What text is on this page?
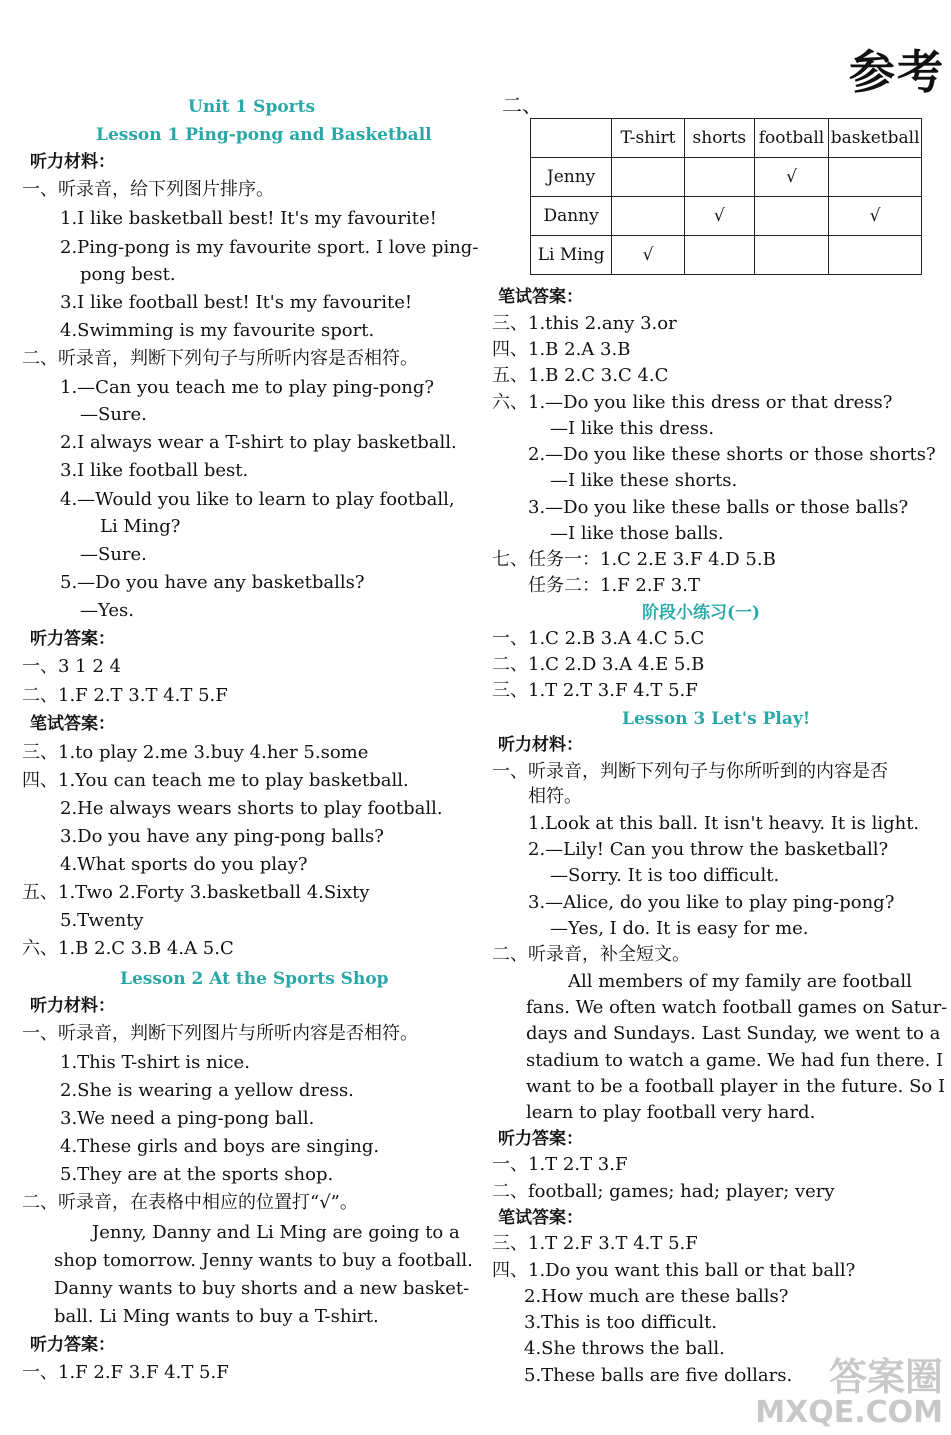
参考
Unit 1 Sports
Lesson 1 Ping-pong and Basketball
听力材料：
一、听录音，给下列图片排序。
1.I like basketball best! It's my favourite!
2.Ping-pong is my favourite sport. I love ping-
pong best.
3.I like football best! It's my favourite!
4.Swimming is my favourite sport.
二、听录音，判断下列句子与所听内容是否相符。
1.—Can you teach me to play ping-pong?
—Sure.
2.I always wear a T-shirt to play basketball.
3.I like football best.
4.—Would you like to learn to play football,
Li Ming?
—Sure.
5.—Do you have any basketballs?
—Yes.
听力答案：
一、3 1 2 4
二、1.F 2.T 3.T 4.T 5.F
笔试答案：
三、1.to play 2.me 3.buy 4.her 5.some
四、1.You can teach me to play basketball.
2.He always wears shorts to play football.
3.Do you have any ping-pong balls?
4.What sports do you play?
五、1.Two 2.Forty 3.basketball 4.Sixty
5.Twenty
六、1.B 2.C 3.B 4.A 5.C
Lesson 2 At the Sports Shop
听力材料：
一、听录音，判断下列图片与所听内容是否相符。
1.This T-shirt is nice.
2.She is wearing a yellow dress.
3.We need a ping-pong ball.
4.These girls and boys are singing.
5.They are at the sports shop.
二、听录音，在表格中相应的位置打“√”。
Jenny, Danny and Li Ming are going to a
shop tomorrow. Jenny wants to buy a football.
Danny wants to buy shorts and a new basket-
ball. Li Ming wants to buy a T-shirt.
听力答案：
一、1.F 2.F 3.F 4.T 5.F
二、
	T-shirt	shorts	football	basketball
Jenny			√	
Danny		√		√
Li Ming	√			
笔试答案：
三、1.this 2.any 3.or
四、1.B 2.A 3.B
五、1.B 2.C 3.C 4.C
六、1.—Do you like this dress or that dress?
—I like this dress.
2.—Do you like these shorts or those shorts?
—I like these shorts.
3.—Do you like these balls or those balls?
—I like those balls.
七、任务一：1.C 2.E 3.F 4.D 5.B
任务二：1.F 2.F 3.T
阶段小练习(一)
一、1.C 2.B 3.A 4.C 5.C
二、1.C 2.D 3.A 4.E 5.B
三、1.T 2.T 3.F 4.T 5.F
Lesson 3 Let's Play!
听力材料：
一、听录音，判断下列句子与你所听到的内容是否
相符。
1.Look at this ball. It isn't heavy. It is light.
2.—Lily! Can you throw the basketball?
—Sorry. It is too difficult.
3.—Alice, do you like to play ping-pong?
—Yes, I do. It is easy for me.
二、听录音，补全短文。
All members of my family are football
fans. We often watch football games on Satur-
days and Sundays. Last Sunday, we went to a
stadium to watch a game. We had fun there. I
want to be a football player in the future. So I
learn to play football very hard.
听力答案：
一、1.T 2.T 3.F
二、football; games; had; player; very
笔试答案：
三、1.T 2.F 3.T 4.T 5.F
四、1.Do you want this ball or that ball?
2.How much are these balls?
3.This is too difficult.
4.She throws the ball.
5.These balls are five dollars. 答案圈
MXQE.COM
